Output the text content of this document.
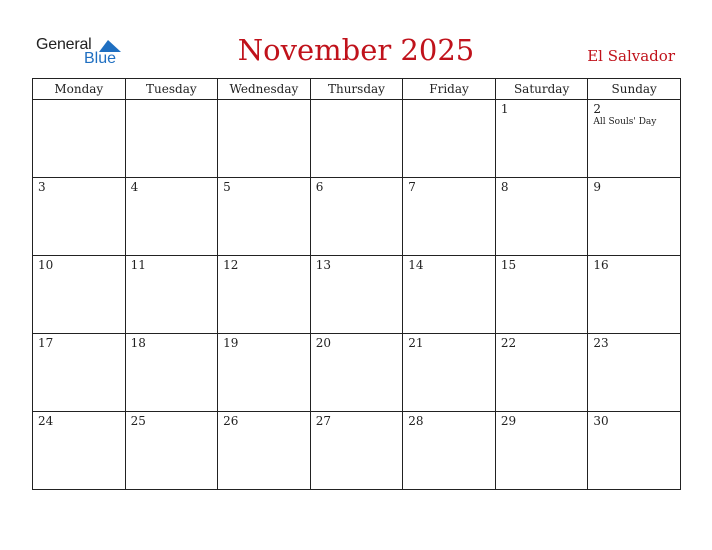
General
Blue	November 2025	El Salvador
Monday	Tuesday	Wednesday	Thursday	Friday	Saturday	Sunday

					1	2
All Souls' Day

3	4	5	6	7	8	9

10	11	12	13	14	15	16

17	18	19	20	21	22	23

24	25	26	27	28	29	30
